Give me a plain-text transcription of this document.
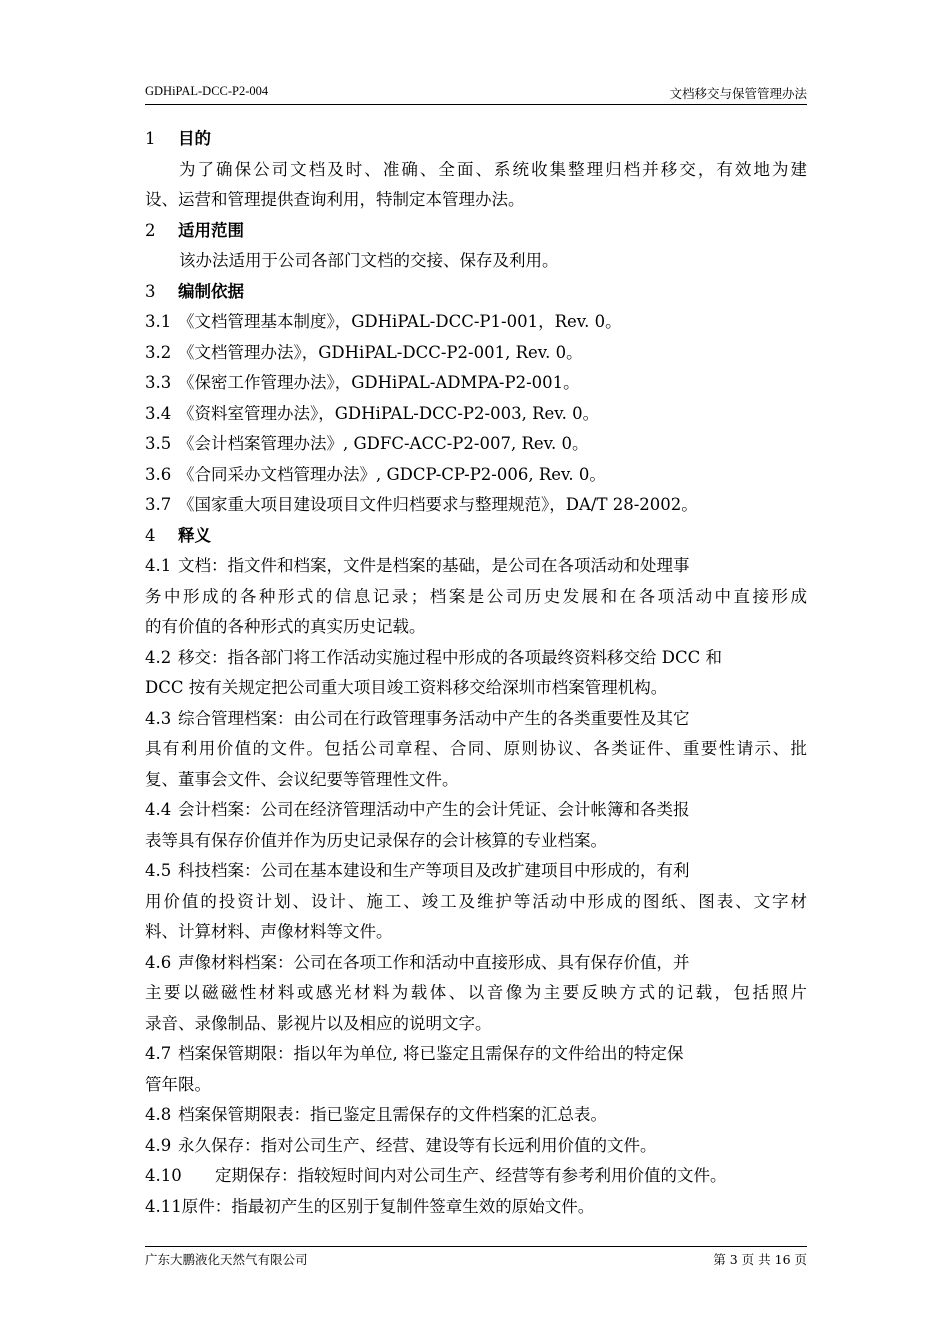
GDHiPAL-DCC-P2-004	文档移交与保管管理办法
1 目的
为了确保公司文档及时、准确、全面、系统收集整理归档并移交，有效地为建
设、运营和管理提供查询利用，特制定本管理办法。
2 适用范围
该办法适用于公司各部门文档的交接、保存及利用。
3 编制依据
3.1 《文档管理基本制度》，GDHiPAL-DCC-P1-001，Rev. 0。
3.2 《文档管理办法》，GDHiPAL-DCC-P2-001, Rev. 0。
3.3 《保密工作管理办法》，GDHiPAL-ADMPA-P2-001。
3.4 《资料室管理办法》，GDHiPAL-DCC-P2-003, Rev. 0。
3.5 《会计档案管理办法》, GDFC-ACC-P2-007, Rev. 0。
3.6 《合同采办文档管理办法》, GDCP-CP-P2-006, Rev. 0。
3.7 《国家重大项目建设项目文件归档要求与整理规范》，DA/T 28-2002。
4 释义
4.1 文档：指文件和档案，文件是档案的基础，是公司在各项活动和处理事
务中形成的各种形式的信息记录；档案是公司历史发展和在各项活动中直接形成
的有价值的各种形式的真实历史记载。
4.2 移交：指各部门将工作活动实施过程中形成的各项最终资料移交给 DCC 和
DCC 按有关规定把公司重大项目竣工资料移交给深圳市档案管理机构。
4.3 综合管理档案：由公司在行政管理事务活动中产生的各类重要性及其它
具有利用价值的文件。包括公司章程、合同、原则协议、各类证件、重要性请示、批
复、董事会文件、会议纪要等管理性文件。
4.4 会计档案：公司在经济管理活动中产生的会计凭证、会计帐簿和各类报
表等具有保存价值并作为历史记录保存的会计核算的专业档案。
4.5 科技档案：公司在基本建设和生产等项目及改扩建项目中形成的，有利
用价值的投资计划、设计、施工、竣工及维护等活动中形成的图纸、图表、文字材
料、计算材料、声像材料等文件。
4.6 声像材料档案：公司在各项工作和活动中直接形成、具有保存价值，并
主要以磁磁性材料或感光材料为载体、以音像为主要反映方式的记载，包括照片
录音、录像制品、影视片以及相应的说明文字。
4.7 档案保管期限：指以年为单位, 将已鉴定且需保存的文件给出的特定保
管年限。
4.8 档案保管期限表：指已鉴定且需保存的文件档案的汇总表。
4.9 永久保存：指对公司生产、经营、建设等有长远利用价值的文件。
4.10 定期保存：指较短时间内对公司生产、经营等有参考利用价值的文件。
4.11原件：指最初产生的区别于复制件签章生效的原始文件。
广东大鹏液化天然气有限公司	第 3 页 共 16 页
